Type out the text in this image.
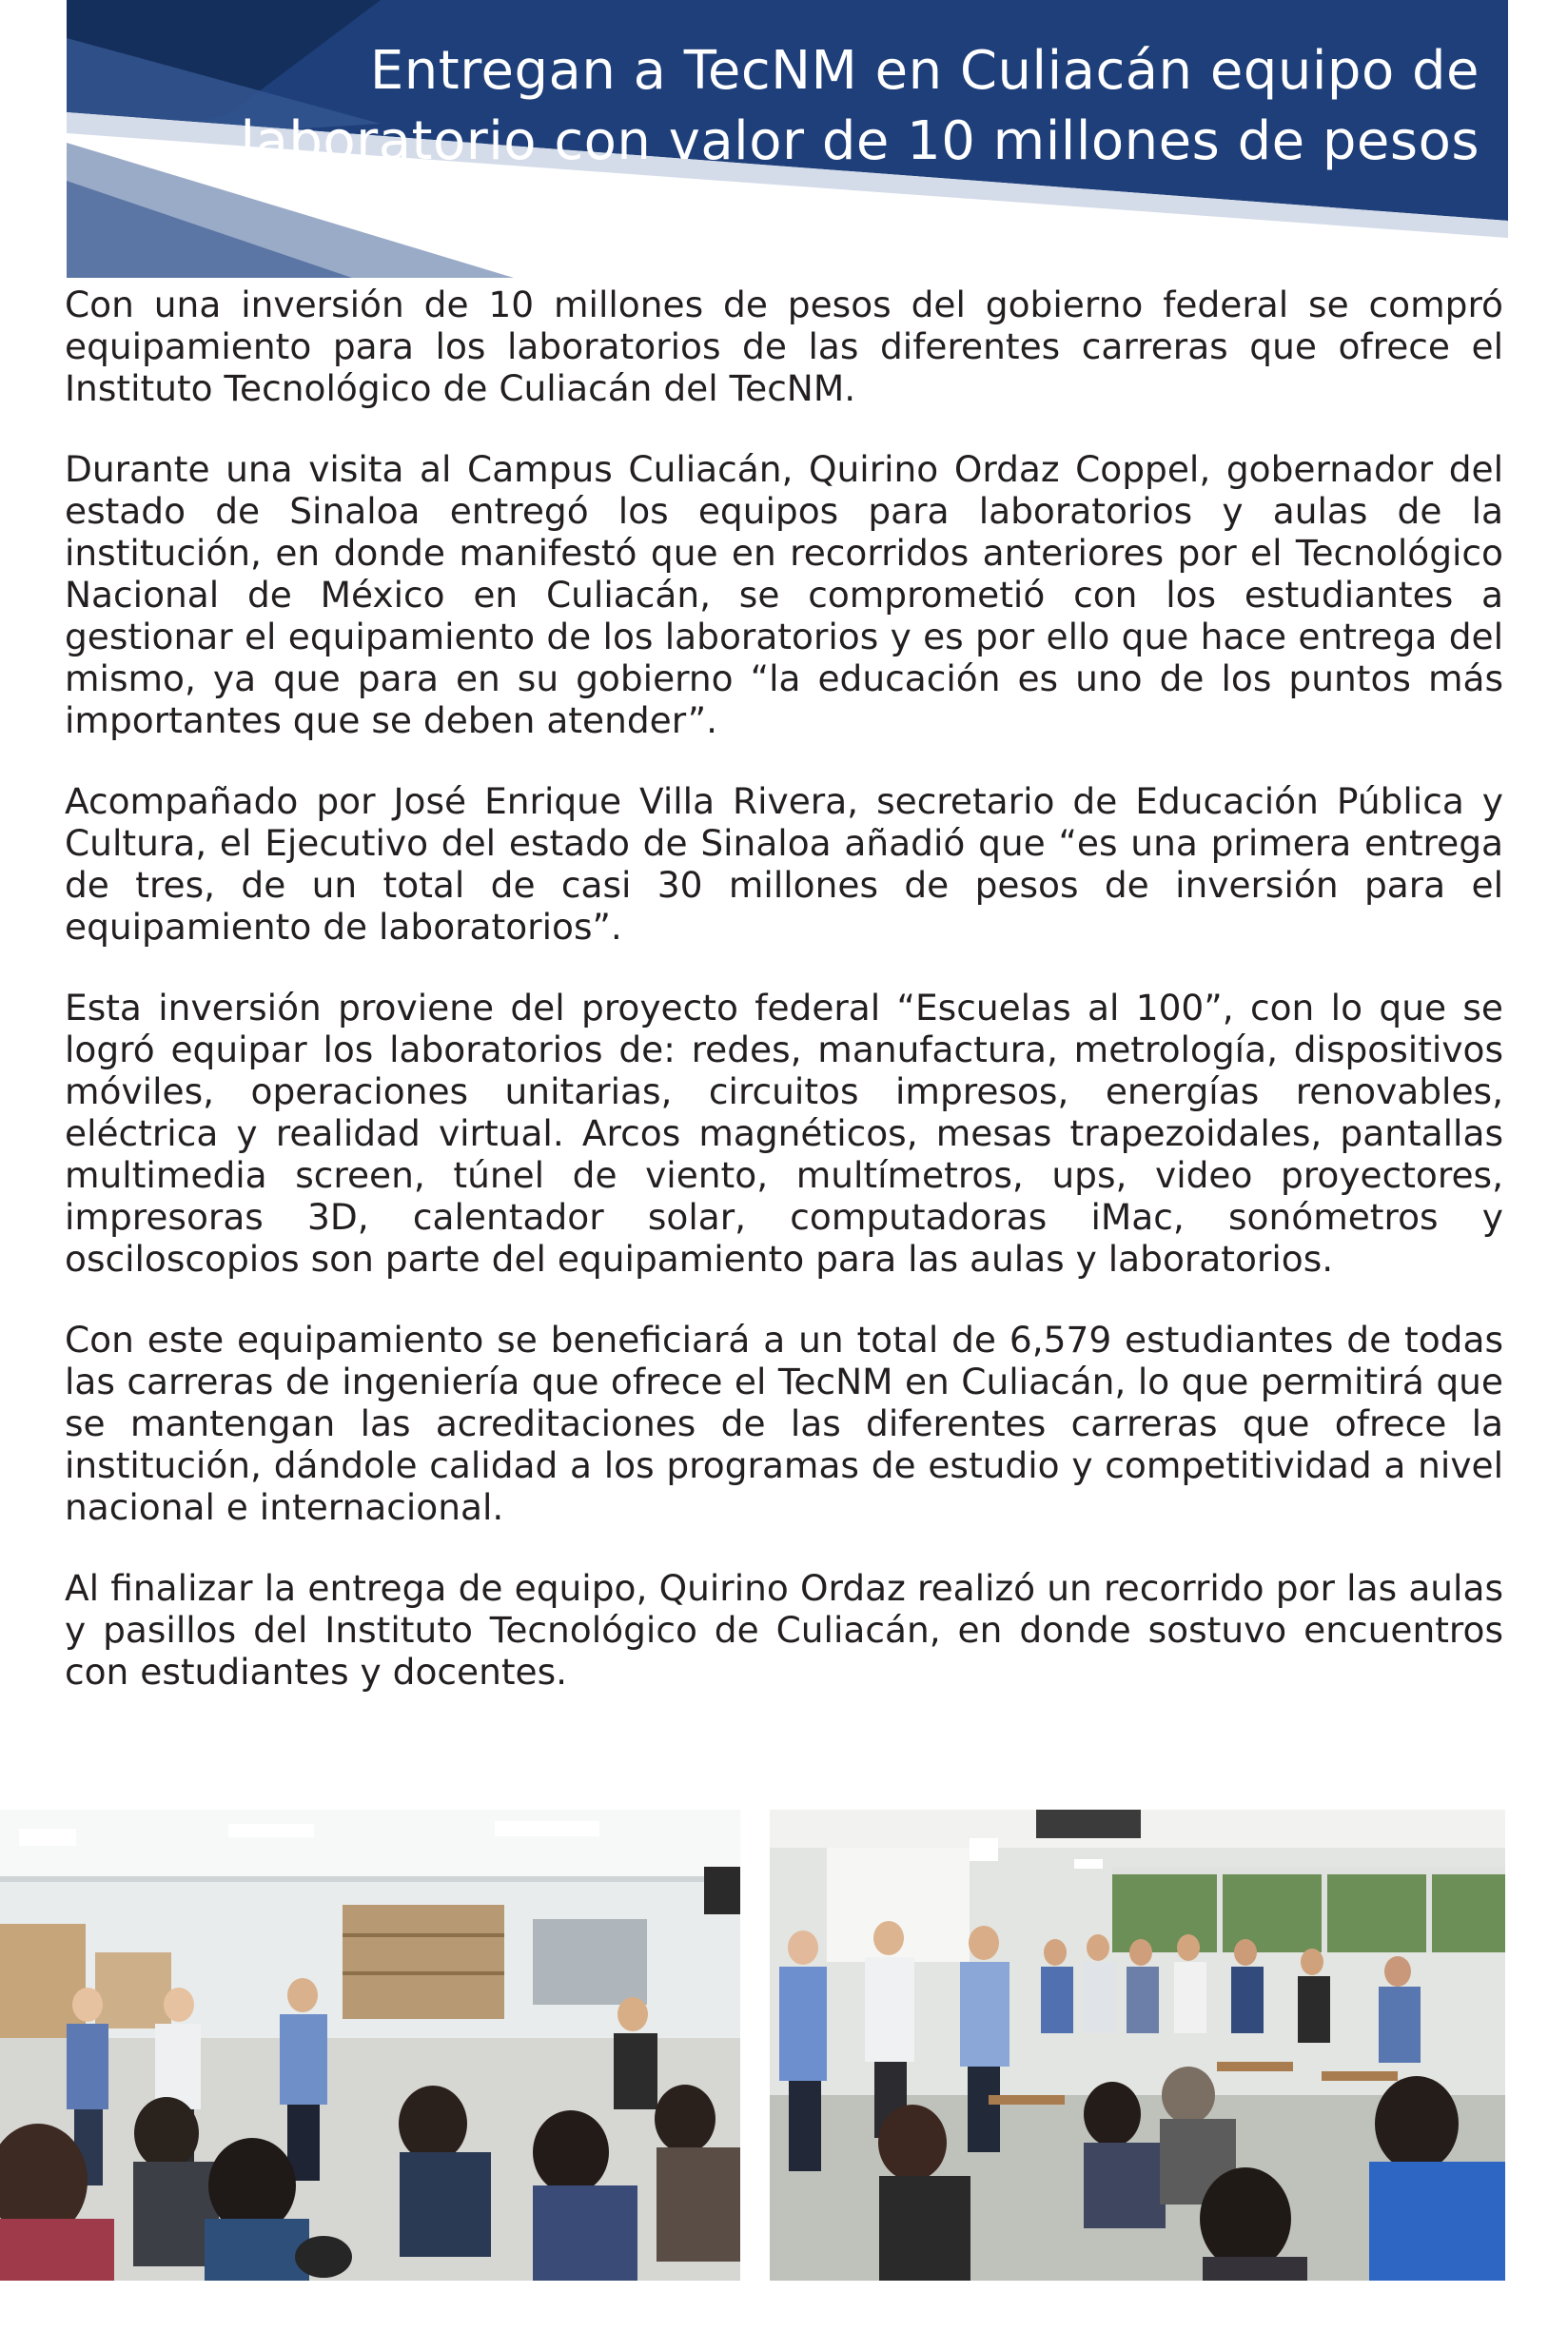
Entregan a TecNM en Culiacán equipo de
laboratorio con valor de 10 millones de pesos

Con una inversión de 10 millones de pesos del gobierno federal se compró equipamiento para los laboratorios de las diferentes carreras que ofrece el Instituto Tecnológico de Culiacán del TecNM.

Durante una visita al Campus Culiacán, Quirino Ordaz Coppel, gobernador del estado de Sinaloa entregó los equipos para laboratorios y aulas de la institución, en donde manifestó que en recorridos anteriores por el Tecnológico Nacional de México en Culiacán, se comprometió con los estudiantes a gestionar el equipamiento de los laboratorios y es por ello que hace entrega del mismo, ya que para en su gobierno “la educación es uno de los puntos más importantes que se deben atender”.

Acompañado por José Enrique Villa Rivera, secretario de Educación Pública y Cultura, el Ejecutivo del estado de Sinaloa añadió que “es una primera entrega de tres, de un total de casi 30 millones de pesos de inversión para el equipamiento de laboratorios”.

Esta inversión proviene del proyecto federal “Escuelas al 100”, con lo que se logró equipar los laboratorios de: redes, manufactura, metrología, dispositivos móviles, operaciones unitarias, circuitos impresos, energías renovables, eléctrica y realidad virtual. Arcos magnéticos, mesas trapezoidales, pantallas multimedia screen, túnel de viento, multímetros, ups, video proyectores, impresoras 3D, calentador solar, computadoras iMac, sonómetros y osciloscopios son parte del equipamiento para las aulas y laboratorios.

Con este equipamiento se beneficiará a un total de 6,579 estudiantes de todas las carreras de ingeniería que ofrece el TecNM en Culiacán, lo que permitirá que se mantengan las acreditaciones de las diferentes carreras que ofrece la institución, dándole calidad a los programas de estudio y competitividad a nivel nacional e internacional.

Al finalizar la entrega de equipo, Quirino Ordaz realizó un recorrido por las aulas y pasillos del Instituto Tecnológico de Culiacán, en donde sostuvo encuentros con estudiantes y docentes.
